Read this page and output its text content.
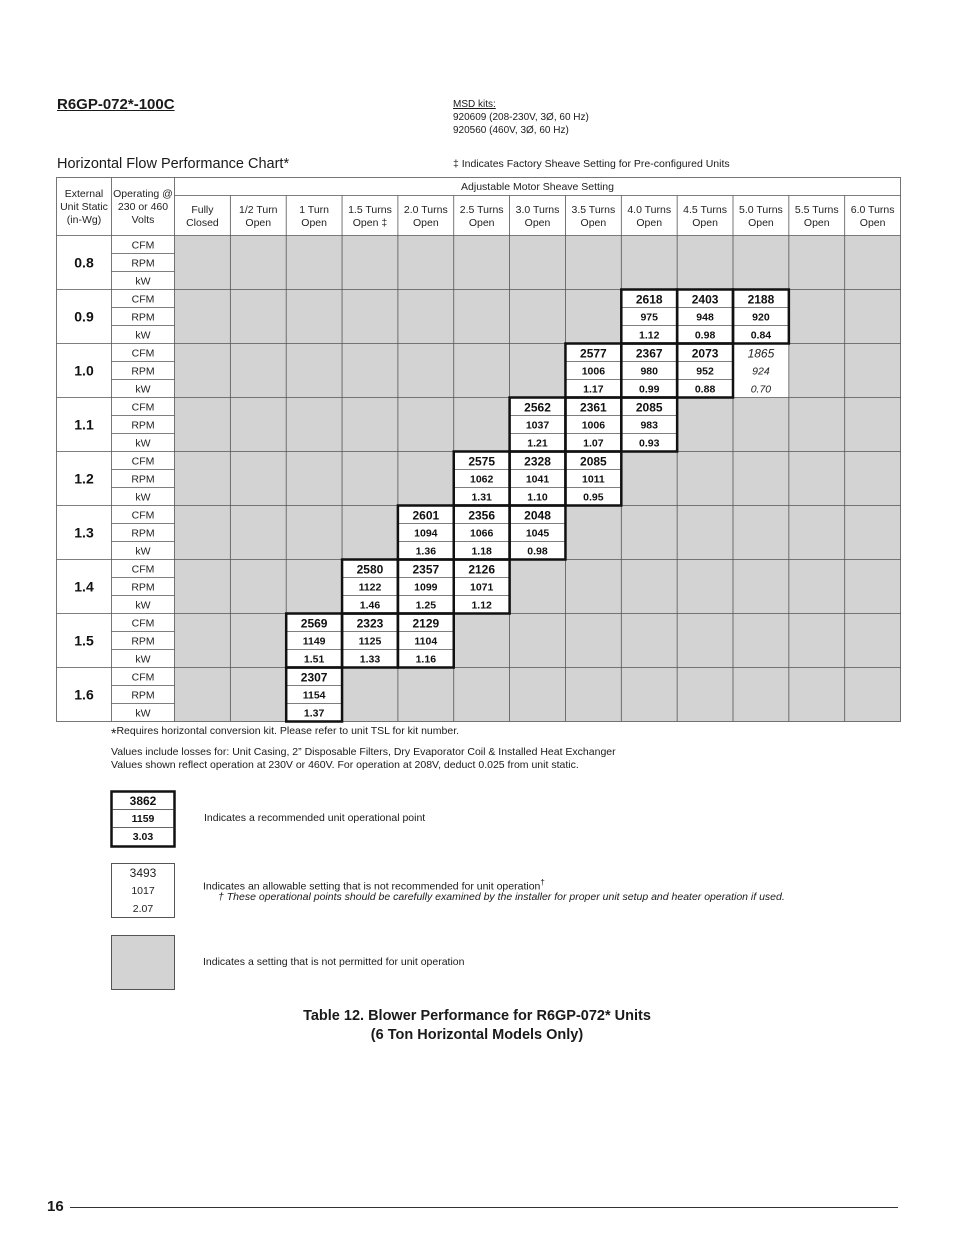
R6GP-072*-100C	MSD kits:
920609 (208-230V, 3Ø, 60 Hz)
920560 (460V, 3Ø, 60 Hz)
Horizontal Flow Performance Chart*	‡ Indicates Factory Sheave Setting for Pre-configured Units
External
Unit Static
(in-Wg)
Operating @
230 or 460
Volts
Adjustable Motor Sheave Setting
Fully
Closed
1/2 Turn
Open
1 Turn
Open
1.5 Turns
Open ‡
2.0 Turns
Open
2.5 Turns
Open
3.0 Turns
Open
3.5 Turns
Open
4.0 Turns
Open
4.5 Turns
Open
5.0 Turns
Open
5.5 Turns
Open
6.0 Turns
Open
0.8
CFM
RPM
kW
0.9
CFM
RPM
kW
1.0
CFM
RPM
kW
1.1
CFM
RPM
kW
1.2
CFM
RPM
kW
1.3
CFM
RPM
kW
1.4
CFM
RPM
kW
1.5
CFM
RPM
kW
1.6
CFM
RPM
kW
2618
975
1.12
2403
948
0.98
2188
920
0.84
2577
1006
1.17
2367
980
0.99
2073
952
0.88
1865
924
0.70
2562
1037
1.21
2361
1006
1.07
2085
983
0.93
2575
1062
1.31
2328
1041
1.10
2085
1011
0.95
2601
1094
1.36
2356
1066
1.18
2048
1045
0.98
2580
1122
1.46
2357
1099
1.25
2126
1071
1.12
2569
1149
1.51
2323
1125
1.33
2129
1104
1.16
2307
1154
1.37
*Requires horizontal conversion kit. Please refer to unit TSL for kit number.
Values include losses for: Unit Casing, 2” Disposable Filters, Dry Evaporator Coil & Installed Heat Exchanger
Values shown reflect operation at 230V or 460V. For operation at 208V, deduct 0.025 from unit static.
3862
1159
3.03
3493
1017
2.07
Indicates a recommended unit operational point
Indicates an allowable setting that is not recommended for unit operation†
† These operational points should be carefully examined by the installer for proper unit setup and heater operation if used.
Indicates a setting that is not permitted for unit operation
Table 12. Blower Performance for R6GP-072* Units
(6 Ton Horizontal Models Only)
16
